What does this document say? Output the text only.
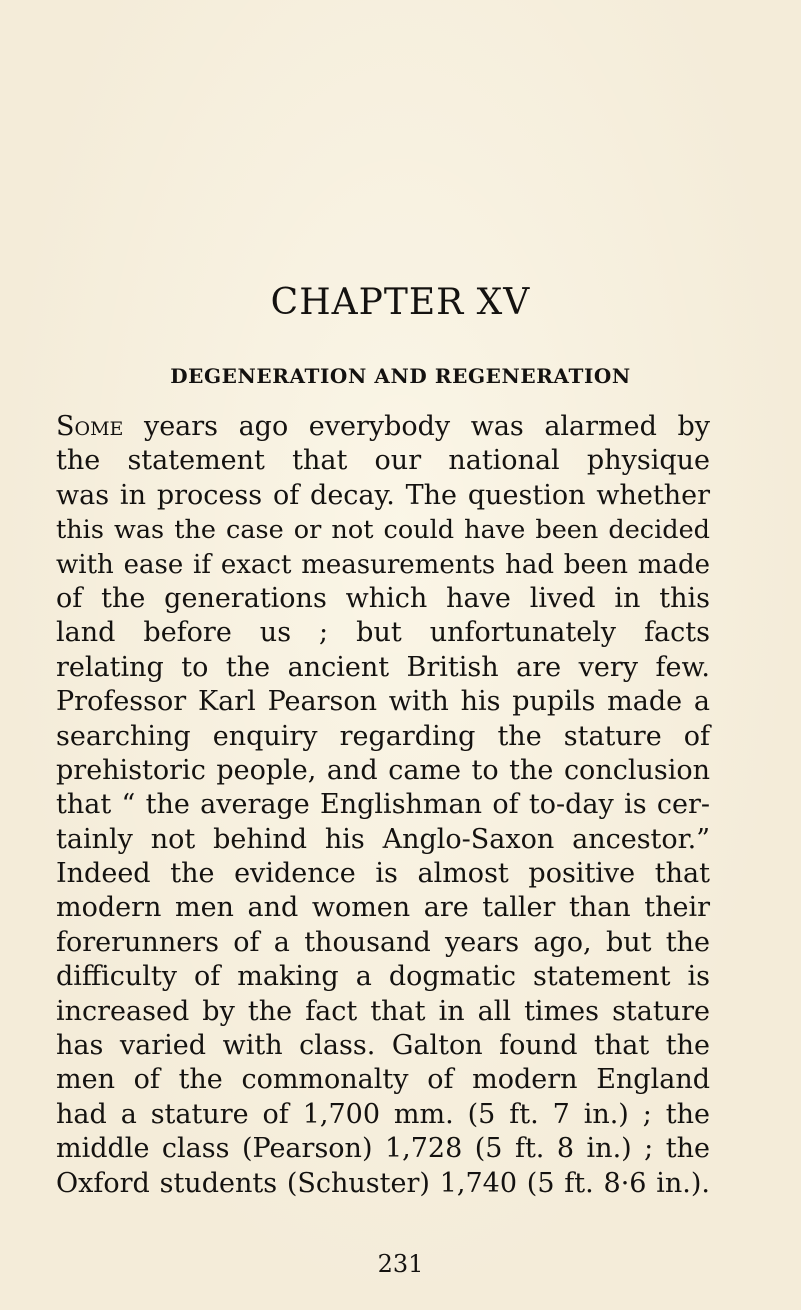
CHAPTER XV
DEGENERATION AND REGENERATION
Some years ago everybody was alarmed by
the statement that our national physique
was in process of decay. The question whether
this was the case or not could have been decided
with ease if exact measurements had been made
of the generations which have lived in this
land before us ; but unfortunately facts
relating to the ancient British are very few.
Professor Karl Pearson with his pupils made a
searching enquiry regarding the stature of
prehistoric people, and came to the conclusion
that “ the average Englishman of to-day is cer-
tainly not behind his Anglo-Saxon ancestor.”
Indeed the evidence is almost positive that
modern men and women are taller than their
forerunners of a thousand years ago, but the
difficulty of making a dogmatic statement is
increased by the fact that in all times stature
has varied with class. Galton found that the
men of the commonalty of modern England
had a stature of 1,700 mm. (5 ft. 7 in.) ; the
middle class (Pearson) 1,728 (5 ft. 8 in.) ; the
Oxford students (Schuster) 1,740 (5 ft. 8·6 in.).

231
